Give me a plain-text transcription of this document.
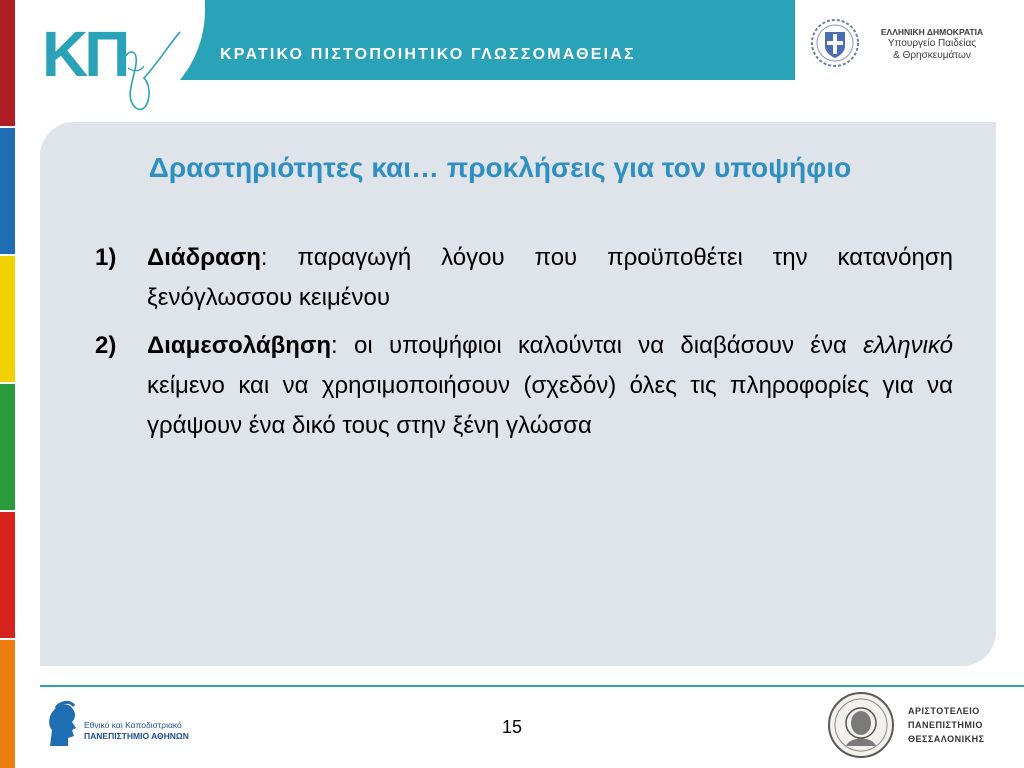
ΚΠ	ΚΡΑΤΙΚΟ ΠΙΣΤΟΠΟΙΗΤΙΚΟ ΓΛΩΣΣΟΜΑΘΕΙΑΣ
ΕΛΛΗΝΙΚΗ ΔΗΜΟΚΡΑΤΙΑ
Υπουργείο Παιδείας
& Θρησκευμάτων
Δραστηριότητες και… προκλήσεις για τον υποψήφιο
1) Διάδραση: παραγωγή λόγου που προϋποθέτει την κατανόηση ξενόγλωσσου κειμένου
2) Διαμεσολάβηση: οι υποψήφιοι καλούνται να διαβάσουν ένα ελληνικό κείμενο και να χρησιμοποιήσουν (σχεδόν) όλες τις πληροφορίες για να γράψουν ένα δικό τους στην ξένη γλώσσα
Εθνικό και Καποδιστριακό
ΠΑΝΕΠΙΣΤΗΜΙΟ ΑΘΗΝΩΝ	15
ΑΡΙΣΤΟΤΕΛΕΙΟ
ΠΑΝΕΠΙΣΤΗΜΙΟ
ΘΕΣΣΑΛΟΝΙΚΗΣ
